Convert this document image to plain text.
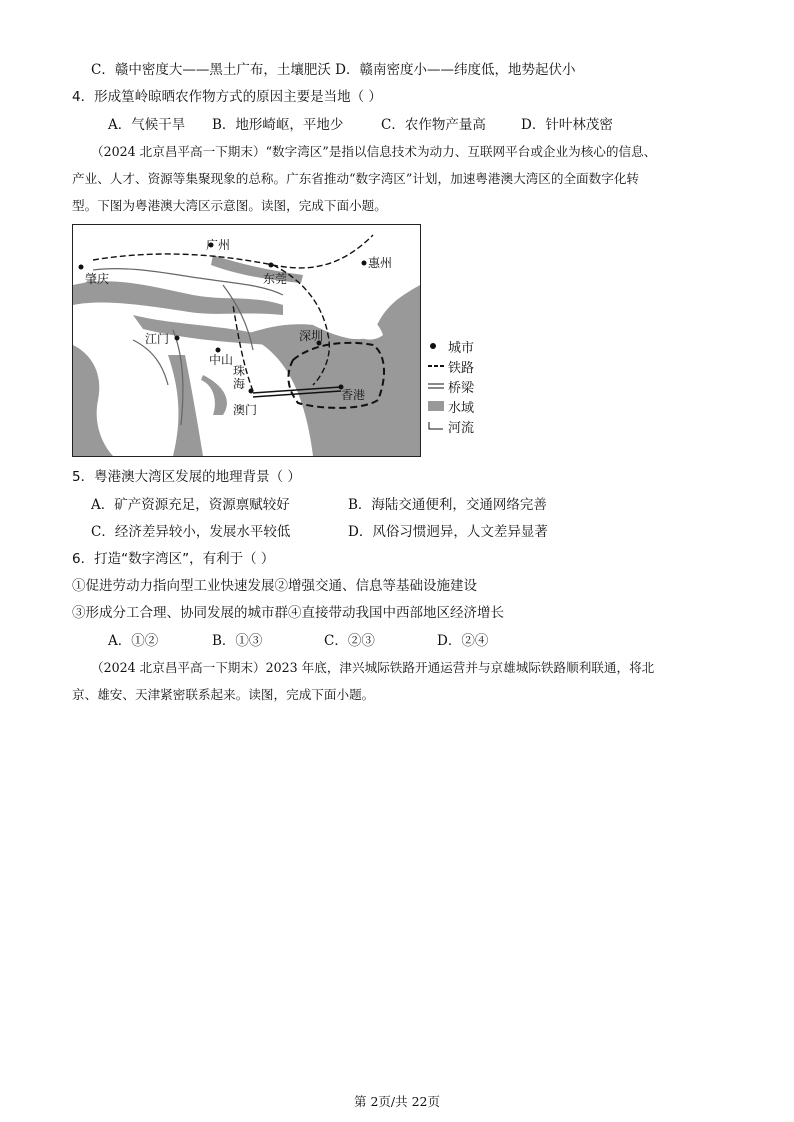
C．赣中密度大——黑土广布，土壤肥沃 D．赣南密度小——纬度低，地势起伏小
4．形成篁岭晾晒农作物方式的原因主要是当地（ ）
A．气候干旱 B．地形崎岖，平地少	C．农作物产量高	D．针叶林茂密
（2024 北京昌平高一下期末）“数字湾区”是指以信息技术为动力、互联网平台或企业为核心的信息、
产业、人才、资源等集聚现象的总称。广东省推动“数字湾区”计划，加速粤港澳大湾区的全面数字化转
型。下图为粤港澳大湾区示意图。读图，完成下面小题。
肇庆
广州
东莞
惠州
江门
中山
深圳
珠
海
澳门
香港
城市
铁路
桥梁
水域
河流
5．粤港澳大湾区发展的地理背景（ ）
A．矿产资源充足，资源禀赋较好	B．海陆交通便利，交通网络完善
C．经济差异较小，发展水平较低	D．风俗习惯迥异，人文差异显著
6．打造“数字湾区”，有利于（ ）
①促进劳动力指向型工业快速发展②增强交通、信息等基础设施建设
③形成分工合理、协同发展的城市群④直接带动我国中西部地区经济增长
A．①②	B．①③	C．②③	D．②④
（2024 北京昌平高一下期末）2023 年底，津兴城际铁路开通运营并与京雄城际铁路顺利联通，将北
京、雄安、天津紧密联系起来。读图，完成下面小题。
第 2页/共 22页
